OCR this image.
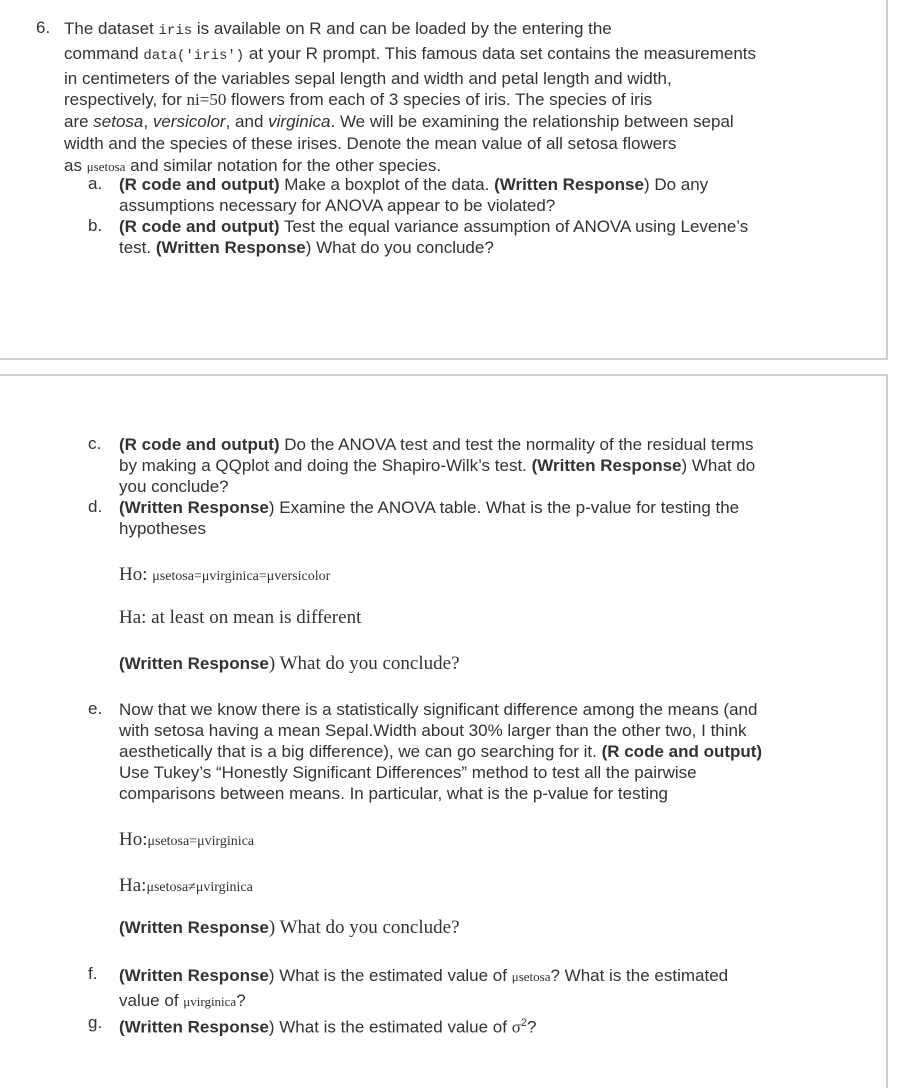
6. The dataset iris is available on R and can be loaded by the entering the
command data('iris') at your R prompt. This famous data set contains the measurements
in centimeters of the variables sepal length and width and petal length and width,
respectively, for ni=50 flowers from each of 3 species of iris. The species of iris
are setosa, versicolor, and virginica. We will be examining the relationship between sepal
width and the species of these irises. Denote the mean value of all setosa flowers
as μsetosa and similar notation for the other species.
a. (R code and output) Make a boxplot of the data. (Written Response) Do any
assumptions necessary for ANOVA appear to be violated?
b. (R code and output) Test the equal variance assumption of ANOVA using Levene’s
test. (Written Response) What do you conclude?
c. (R code and output) Do the ANOVA test and test the normality of the residual terms
by making a QQplot and doing the Shapiro-Wilk’s test. (Written Response) What do
you conclude?
d. (Written Response) Examine the ANOVA table. What is the p-value for testing the
hypotheses
Ho: μsetosa=μvirginica=μversicolor
Ha: at least on mean is different
(Written Response) What do you conclude?
e. Now that we know there is a statistically significant difference among the means (and
with setosa having a mean Sepal.Width about 30% larger than the other two, I think
aesthetically that is a big difference), we can go searching for it. (R code and output)
Use Tukey’s “Honestly Significant Differences” method to test all the pairwise
comparisons between means. In particular, what is the p-value for testing
Ho:μsetosa=μvirginica
Ha:μsetosa≠μvirginica
(Written Response) What do you conclude?
f. (Written Response) What is the estimated value of μsetosa? What is the estimated
value of μvirginica?
g. (Written Response) What is the estimated value of $\sigma^2$?
